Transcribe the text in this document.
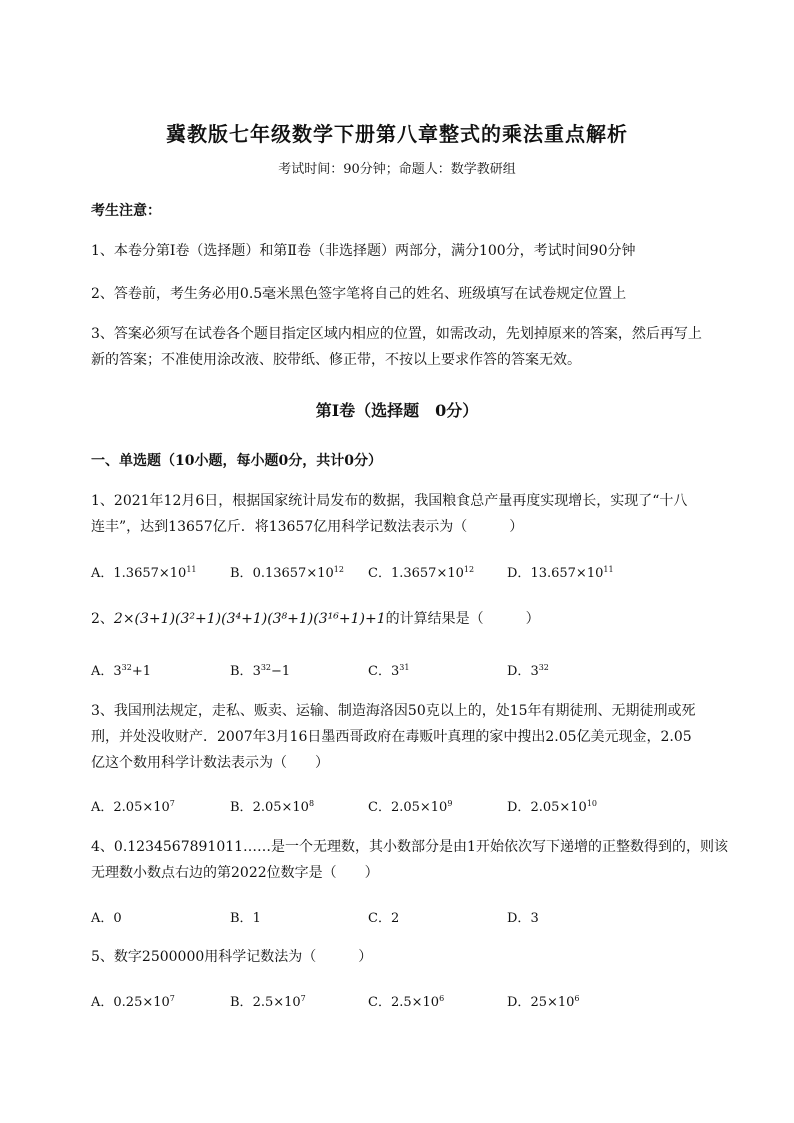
冀教版七年级数学下册第八章整式的乘法重点解析
考试时间：90分钟；命题人：数学教研组
考生注意：
1、本卷分第I卷（选择题）和第Ⅱ卷（非选择题）两部分，满分100分，考试时间90分钟
2、答卷前，考生务必用0.5毫米黑色签字笔将自己的姓名、班级填写在试卷规定位置上
3、答案必须写在试卷各个题目指定区域内相应的位置，如需改动，先划掉原来的答案，然后再写上新的答案；不准使用涂改液、胶带纸、修正带，不按以上要求作答的答案无效。
第I卷（选择题　0分）
一、单选题（10小题，每小题0分，共计0分）
1、2021年12月6日，根据国家统计局发布的数据，我国粮食总产量再度实现增长，实现了“十八
连丰”，达到13657亿斤．将13657亿用科学记数法表示为（　　　）
A．$1.3657\times 10^{11}$	B．$0.13657\times 10^{12}$ C．$1.3657\times 10^{12}$	D．$13.657\times 10^{11}$
2、2×(3+1)(3²+1)(3⁴+1)(3⁸+1)(3¹⁶+1)+1的计算结果是（　　　）
A．$3^{32}+1$	B．$3^{32}-1$	C．$3^{31}$	D．$3^{32}$
3、我国刑法规定，走私、贩卖、运输、制造海洛因50克以上的，处15年有期徒刑、无期徒刑或死
刑，并处没收财产．2007年3月16日墨西哥政府在毒贩叶真理的家中搜出2.05亿美元现金，2.05
亿这个数用科学计数法表示为（　　）
A．$2.05\times 10^7$	B．$2.05\times 10^8$	C．$2.05\times 10^9$	D．$2.05\times 10^{10}$
4、0.1234567891011……是一个无理数，其小数部分是由1开始依次写下递增的正整数得到的，则该
无理数小数点右边的第2022位数字是（　　）
A．0	B．1	C．2	D．3
5、数字2500000用科学记数法为（　　　）
A．$0.25\times 10^7$	B．$2.5\times 10^7$	C．$2.5\times 10^6$	D．$25\times 10^6$
